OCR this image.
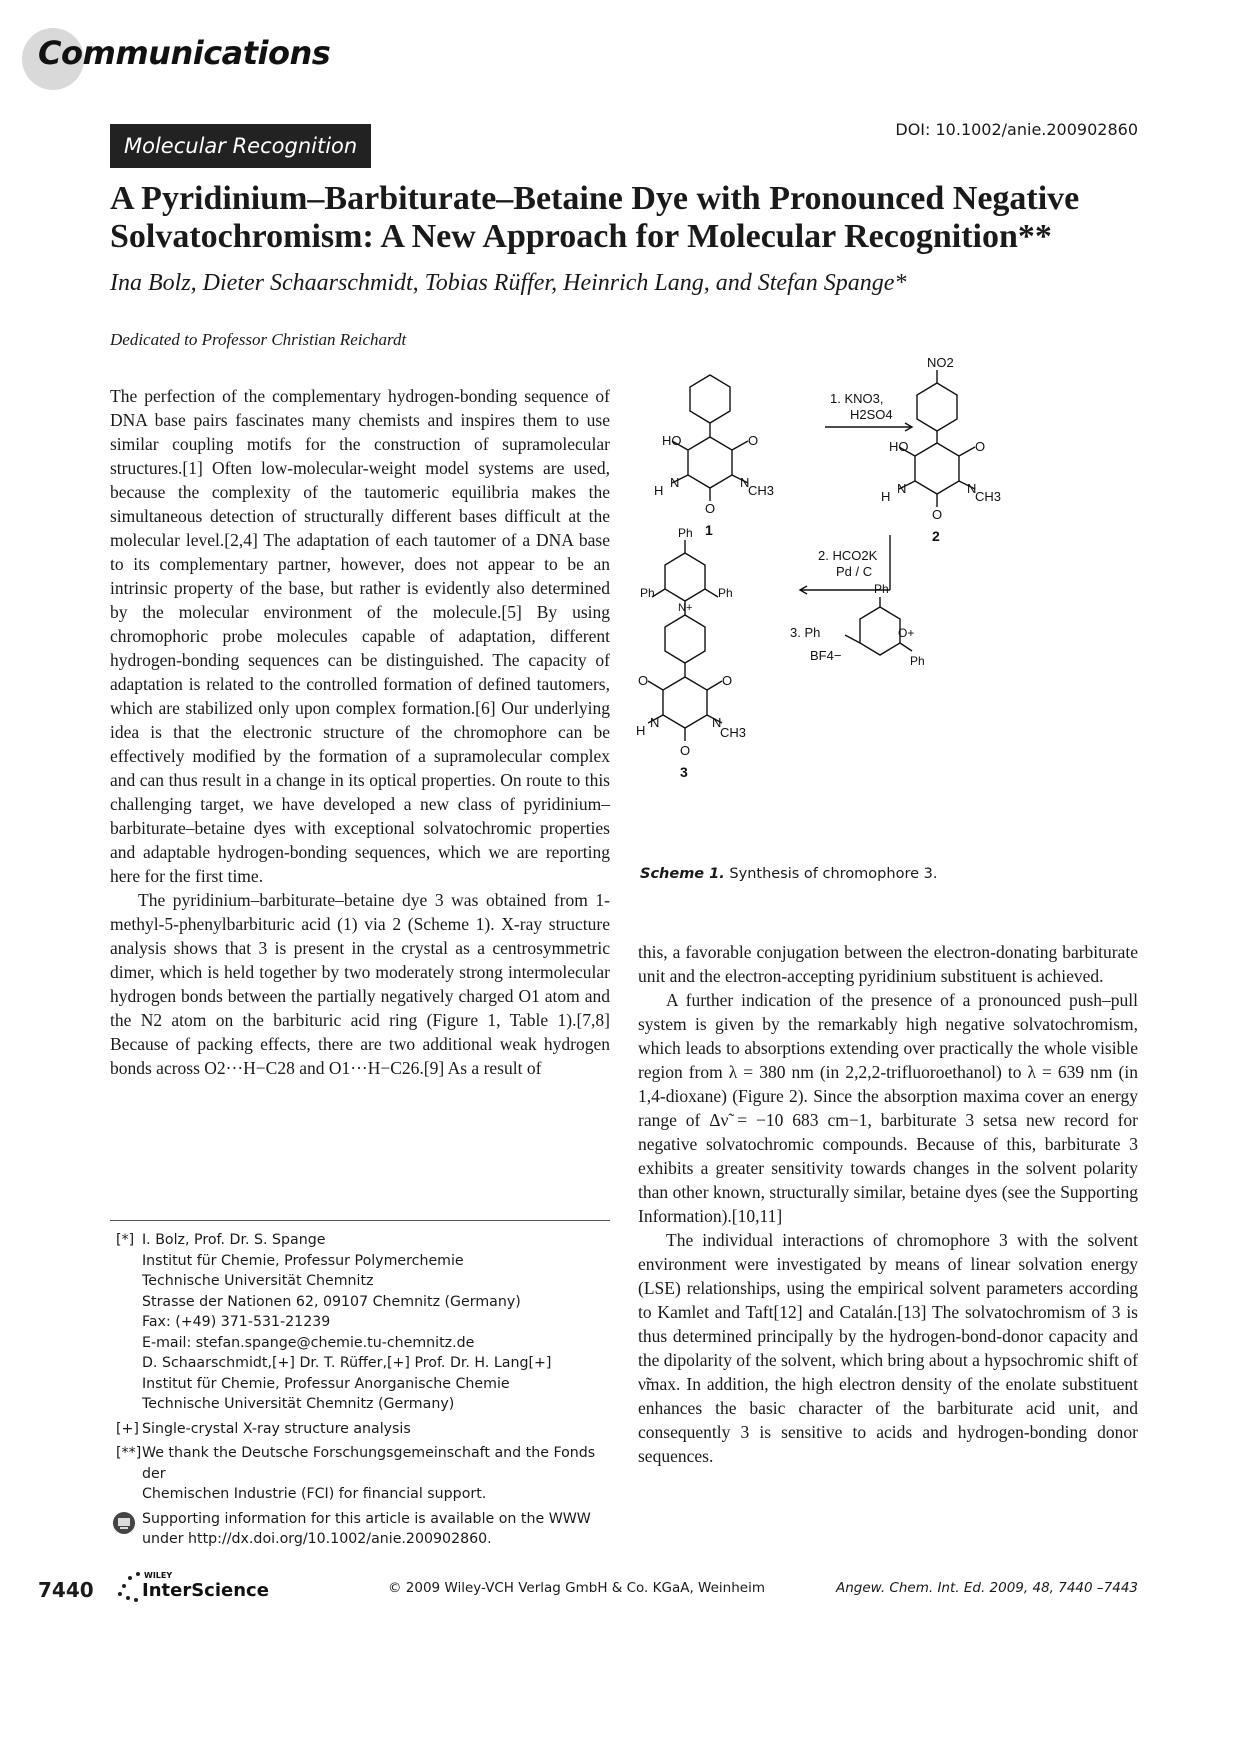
Communications
Molecular Recognition
DOI: 10.1002/anie.200902860
A Pyridinium–Barbiturate–Betaine Dye with Pronounced Negative
Solvatochromism: A New Approach for Molecular Recognition**
Ina Bolz, Dieter Schaarschmidt, Tobias Rüffer, Heinrich Lang, and Stefan Spange*
Dedicated to Professor Christian Reichardt

The perfection of the complementary hydrogen-bonding sequence of DNA base pairs fascinates many chemists and inspires them to use similar coupling motifs for the construction of supramolecular structures.[1] Often low-molecular-weight model systems are used, because the complexity of the tautomeric equilibria makes the simultaneous detection of structurally different bases difficult at the molecular level.[2,4] The adaptation of each tautomer of a DNA base to its complementary partner, however, does not appear to be an intrinsic property of the base, but rather is evidently also determined by the molecular environment of the molecule.[5] By using chromophoric probe molecules capable of adaptation, different hydrogen-bonding sequences can be distinguished. The capacity of adaptation is related to the controlled formation of defined tautomers, which are stabilized only upon complex formation.[6] Our underlying idea is that the electronic structure of the chromophore can be effectively modified by the formation of a supramolecular complex and can thus result in a change in its optical properties. On route to this challenging target, we have developed a new class of pyridinium–barbiturate–betaine dyes with exceptional solvatochromic properties and adaptable hydrogen-bonding sequences, which we are reporting here for the first time.

The pyridinium–barbiturate–betaine dye 3 was obtained from 1-methyl-5-phenylbarbituric acid (1) via 2 (Scheme 1). X-ray structure analysis shows that 3 is present in the crystal as a centrosymmetric dimer, which is held together by two moderately strong intermolecular hydrogen bonds between the partially negatively charged O1 atom and the N2 atom on the barbituric acid ring (Figure 1, Table 1).[7,8] Because of packing effects, there are two additional weak hydrogen bonds across O2···H−C28 and O1···H−C26.[9] As a result of

HO	O
N	N
H	CH3
O
1
1. KNO3,
H2SO4
NO2
HO	O
N	N
H	CH3
O
2
2. HCO2K
Pd / C
Ph
3. Ph	O+
Ph
BF4−
Ph
Ph	Ph
N+
O	O
N	N
H	CH3
O
3
Scheme 1. Synthesis of chromophore 3.

this, a favorable conjugation between the electron-donating barbiturate unit and the electron-accepting pyridinium substituent is achieved.

A further indication of the presence of a pronounced push–pull system is given by the remarkably high negative solvatochromism, which leads to absorptions extending over practically the whole visible region from λ = 380 nm (in 2,2,2-trifluoroethanol) to λ = 639 nm (in 1,4-dioxane) (Figure 2). Since the absorption maxima cover an energy range of Δν̃ = −10 683 cm−1, barbiturate 3 setsa new record for negative solvatochromic compounds. Because of this, barbiturate 3 exhibits a greater sensitivity towards changes in the solvent polarity than other known, structurally similar, betaine dyes (see the Supporting Information).[10,11]

The individual interactions of chromophore 3 with the solvent environment were investigated by means of linear solvation energy (LSE) relationships, using the empirical solvent parameters according to Kamlet and Taft[12] and Catalán.[13] The solvatochromism of 3 is thus determined principally by the hydrogen-bond-donor capacity and the dipolarity of the solvent, which bring about a hypsochromic shift of ν̃max. In addition, the high electron density of the enolate substituent enhances the basic character of the barbiturate acid unit, and consequently 3 is sensitive to acids and hydrogen-bonding donor sequences.

[*] I. Bolz, Prof. Dr. S. Spange
Institut für Chemie, Professur Polymerchemie
Technische Universität Chemnitz
Strasse der Nationen 62, 09107 Chemnitz (Germany)
Fax: (+49) 371-531-21239
E-mail: stefan.spange@chemie.tu-chemnitz.de
D. Schaarschmidt,[+] Dr. T. Rüffer,[+] Prof. Dr. H. Lang[+]
Institut für Chemie, Professur Anorganische Chemie
Technische Universität Chemnitz (Germany)
[+] Single-crystal X-ray structure analysis
[**] We thank the Deutsche Forschungsgemeinschaft and the Fonds der
Chemischen Industrie (FCI) for financial support.
Supporting information for this article is available on the WWW
under http://dx.doi.org/10.1002/anie.200902860.
7440
WILEY
InterScience	© 2009 Wiley-VCH Verlag GmbH & Co. KGaA, Weinheim	Angew. Chem. Int. Ed. 2009, 48, 7440 –7443
